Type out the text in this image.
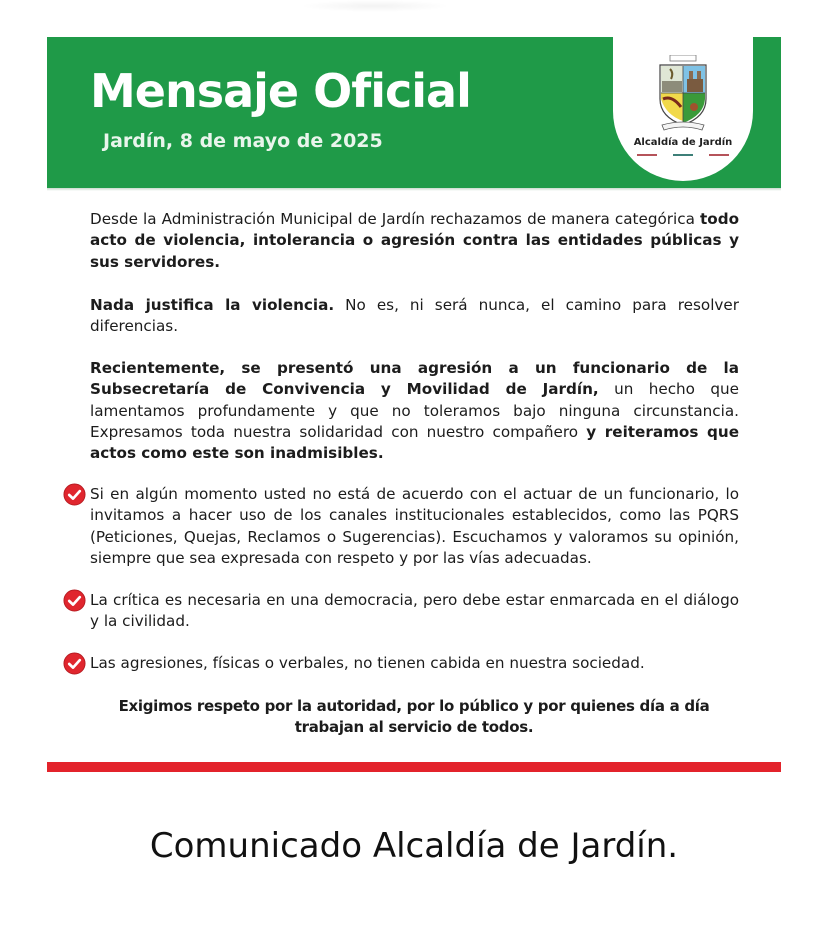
Mensaje Oficial
Jardín, 8 de mayo de 2025	Alcaldía de Jardín

Desde la Administración Municipal de Jardín rechazamos de manera categórica todo acto de violencia, intolerancia o agresión contra las entidades públicas y sus servidores.

Nada justifica la violencia. No es, ni será nunca, el camino para resolver diferencias.

Recientemente, se presentó una agresión a un funcionario de la Subsecretaría de Convivencia y Movilidad de Jardín, un hecho que lamentamos profundamente y que no toleramos bajo ninguna circunstancia. Expresamos toda nuestra solidaridad con nuestro compañero y reiteramos que actos como este son inadmisibles.

Si en algún momento usted no está de acuerdo con el actuar de un funcionario, lo invitamos a hacer uso de los canales institucionales establecidos, como las PQRS (Peticiones, Quejas, Reclamos o Sugerencias). Escuchamos y valoramos su opinión, siempre que sea expresada con respeto y por las vías adecuadas.

La crítica es necesaria en una democracia, pero debe estar enmarcada en el diálogo y la civilidad.

Las agresiones, físicas o verbales, no tienen cabida en nuestra sociedad.

Exigimos respeto por la autoridad, por lo público y por quienes día a día
trabajan al servicio de todos.
Comunicado Alcaldía de Jardín.
